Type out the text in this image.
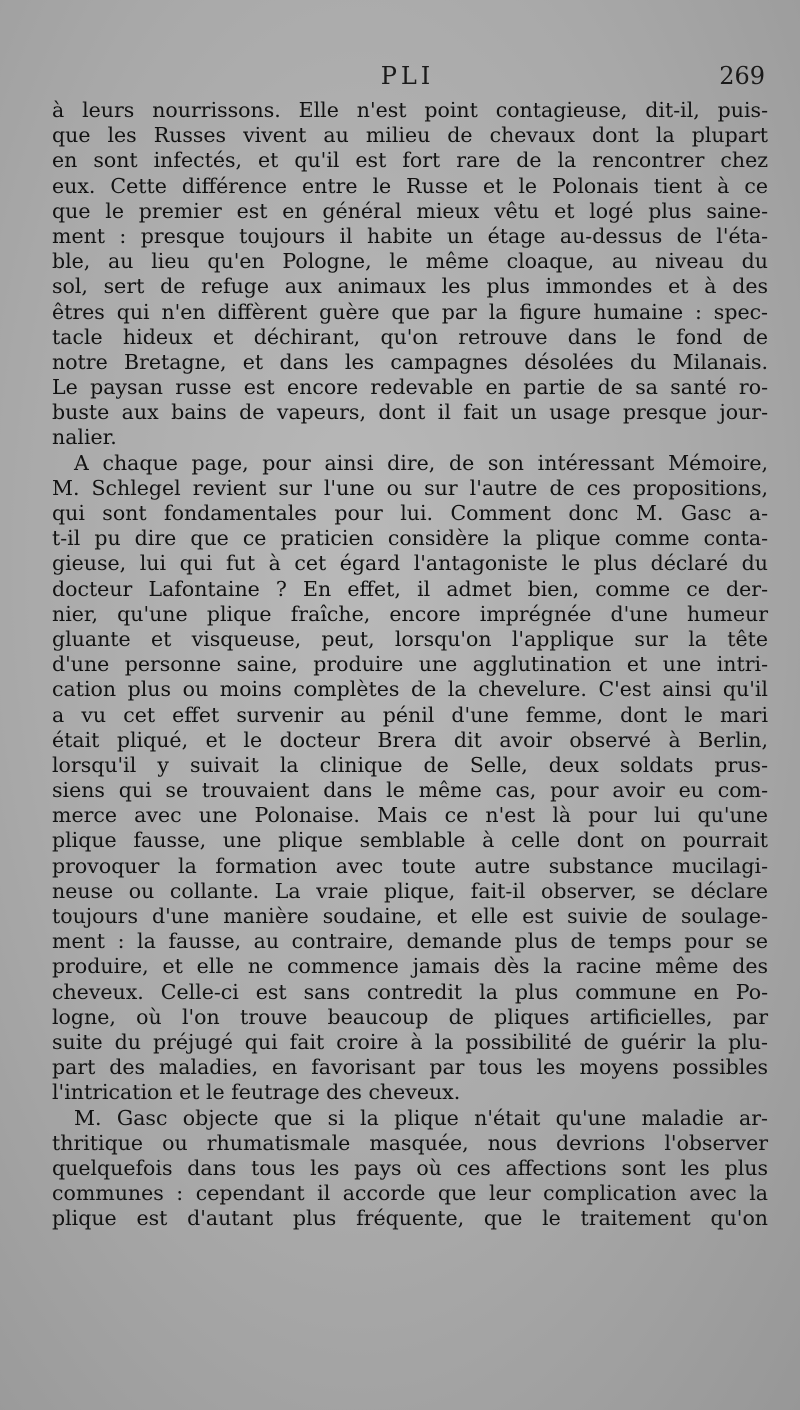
PLI	269
à leurs nourrissons. Elle n'est point contagieuse, dit-il, puis-
que les Russes vivent au milieu de chevaux dont la plupart
en sont infectés, et qu'il est fort rare de la rencontrer chez
eux. Cette différence entre le Russe et le Polonais tient à ce
que le premier est en général mieux vêtu et logé plus saine-
ment : presque toujours il habite un étage au-dessus de l'éta-
ble, au lieu qu'en Pologne, le même cloaque, au niveau du
sol, sert de refuge aux animaux les plus immondes et à des
êtres qui n'en diffèrent guère que par la figure humaine : spec-
tacle hideux et déchirant, qu'on retrouve dans le fond de
notre Bretagne, et dans les campagnes désolées du Milanais.
Le paysan russe est encore redevable en partie de sa santé ro-
buste aux bains de vapeurs, dont il fait un usage presque jour-
nalier.
A chaque page, pour ainsi dire, de son intéressant Mémoire,
M. Schlegel revient sur l'une ou sur l'autre de ces propositions,
qui sont fondamentales pour lui. Comment donc M. Gasc a-
t-il pu dire que ce praticien considère la plique comme conta-
gieuse, lui qui fut à cet égard l'antagoniste le plus déclaré du
docteur Lafontaine ? En effet, il admet bien, comme ce der-
nier, qu'une plique fraîche, encore imprégnée d'une humeur
gluante et visqueuse, peut, lorsqu'on l'applique sur la tête
d'une personne saine, produire une agglutination et une intri-
cation plus ou moins complètes de la chevelure. C'est ainsi qu'il
a vu cet effet survenir au pénil d'une femme, dont le mari
était pliqué, et le docteur Brera dit avoir observé à Berlin,
lorsqu'il y suivait la clinique de Selle, deux soldats prus-
siens qui se trouvaient dans le même cas, pour avoir eu com-
merce avec une Polonaise. Mais ce n'est là pour lui qu'une
plique fausse, une plique semblable à celle dont on pourrait
provoquer la formation avec toute autre substance mucilagi-
neuse ou collante. La vraie plique, fait-il observer, se déclare
toujours d'une manière soudaine, et elle est suivie de soulage-
ment : la fausse, au contraire, demande plus de temps pour se
produire, et elle ne commence jamais dès la racine même des
cheveux. Celle-ci est sans contredit la plus commune en Po-
logne, où l'on trouve beaucoup de pliques artificielles, par
suite du préjugé qui fait croire à la possibilité de guérir la plu-
part des maladies, en favorisant par tous les moyens possibles
l'intrication et le feutrage des cheveux.
M. Gasc objecte que si la plique n'était qu'une maladie ar-
thritique ou rhumatismale masquée, nous devrions l'observer
quelquefois dans tous les pays où ces affections sont les plus
communes : cependant il accorde que leur complication avec la
plique est d'autant plus fréquente, que le traitement qu'on
